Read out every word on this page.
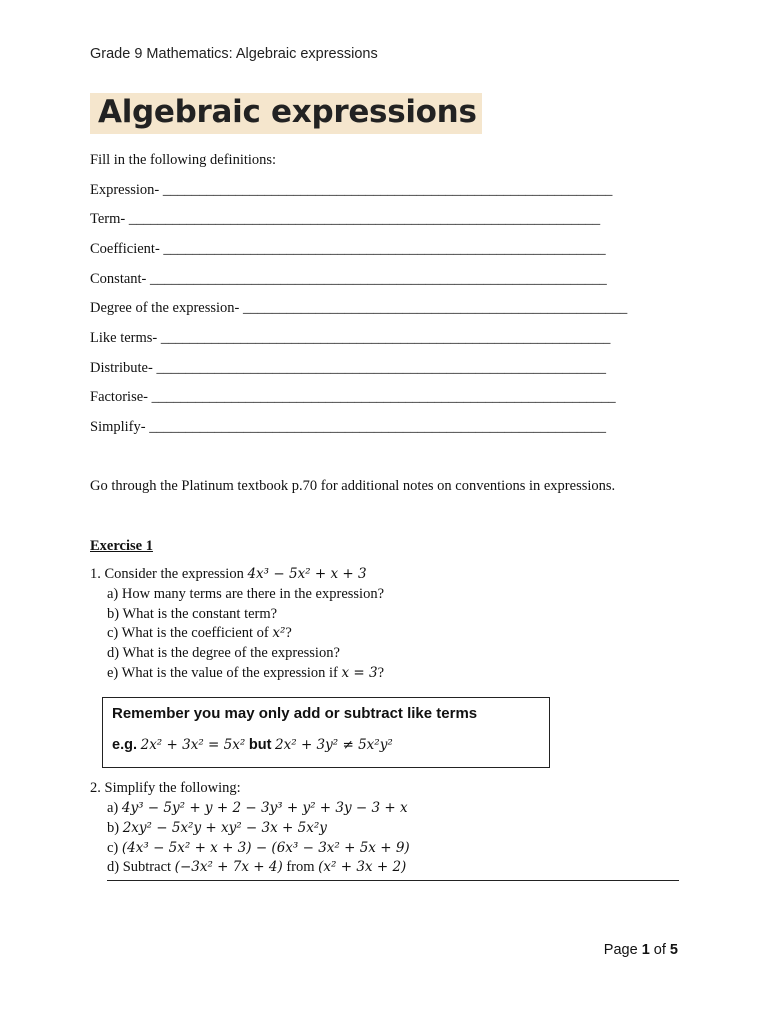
Grade 9 Mathematics: Algebraic expressions
Algebraic expressions
Fill in the following definitions:
Expression- ______________________________________________________________
Term- _________________________________________________________________
Coefficient- _____________________________________________________________
Constant- _______________________________________________________________
Degree of the expression- _____________________________________________________
Like terms- ______________________________________________________________
Distribute- ______________________________________________________________
Factorise- ________________________________________________________________
Simplify- _______________________________________________________________
Go through the Platinum textbook p.70 for additional notes on conventions in expressions.
Exercise 1
1. Consider the expression 4x³ − 5x² + x + 3
a) How many terms are there in the expression?
b) What is the constant term?
c) What is the coefficient of x²?
d) What is the degree of the expression?
e) What is the value of the expression if x = 3?
Remember you may only add or subtract like terms
e.g. 2x² + 3x² = 5x² but 2x² + 3y² ≠ 5x²y²
2. Simplify the following:
a) 4y³ − 5y² + y + 2 − 3y³ + y² + 3y − 3 + x
b) 2xy² − 5x²y + xy² − 3x + 5x²y
c) (4x³ − 5x² + x + 3) − (6x³ − 3x² + 5x + 9)
d) Subtract (−3x² + 7x + 4) from (x² + 3x + 2)
Page 1 of 5
